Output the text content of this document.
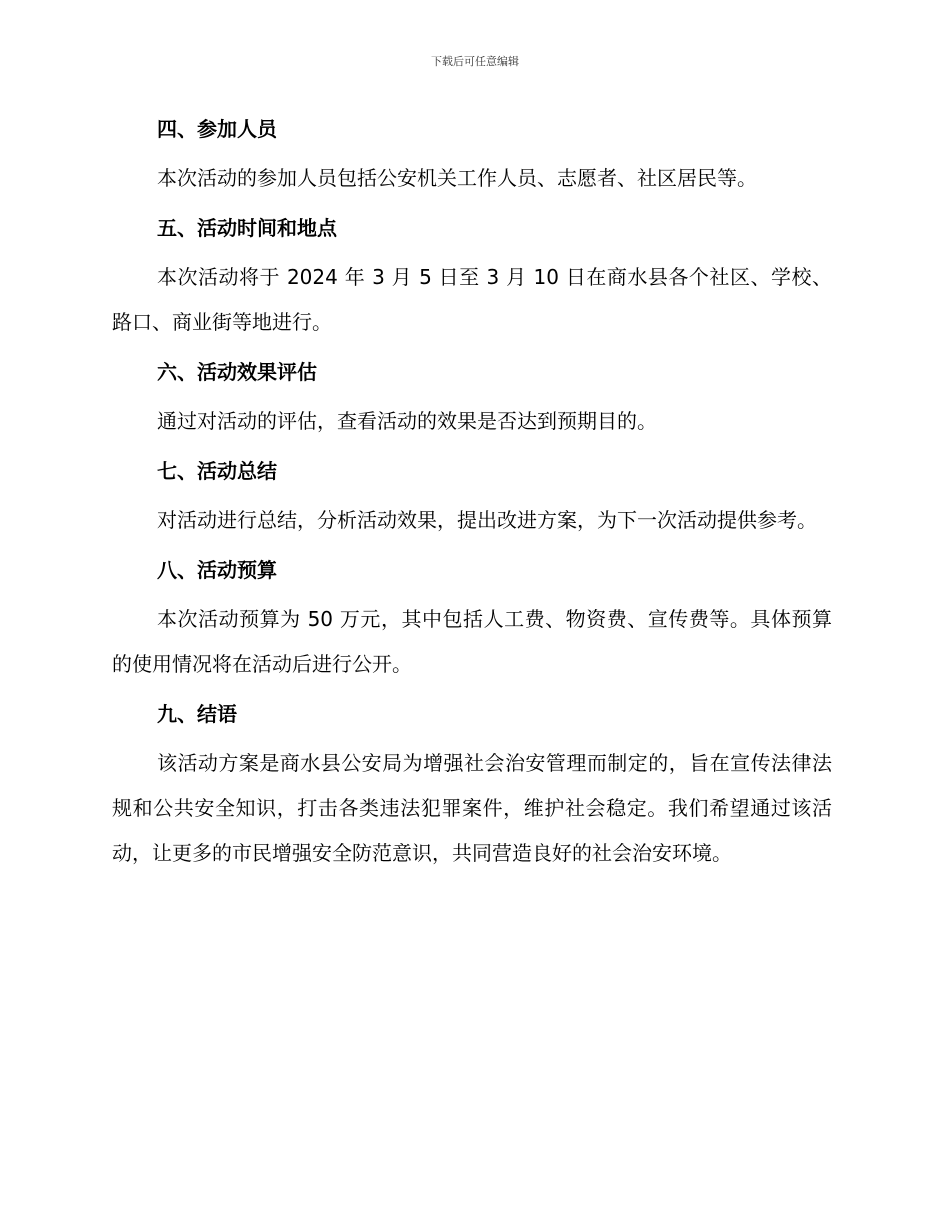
下载后可任意编辑
四、参加人员

本次活动的参加人员包括公安机关工作人员、志愿者、社区居民等。

五、活动时间和地点

本次活动将于 2024 年 3 月 5 日至 3 月 10 日在商水县各个社区、学校、路口、商业街等地进行。

六、活动效果评估

通过对活动的评估，查看活动的效果是否达到预期目的。

七、活动总结

对活动进行总结，分析活动效果，提出改进方案，为下一次活动提供参考。

八、活动预算

本次活动预算为 50 万元，其中包括人工费、物资费、宣传费等。具体预算的使用情况将在活动后进行公开。

九、结语

该活动方案是商水县公安局为增强社会治安管理而制定的，旨在宣传法律法规和公共安全知识，打击各类违法犯罪案件，维护社会稳定。我们希望通过该活动，让更多的市民增强安全防范意识，共同营造良好的社会治安环境。
